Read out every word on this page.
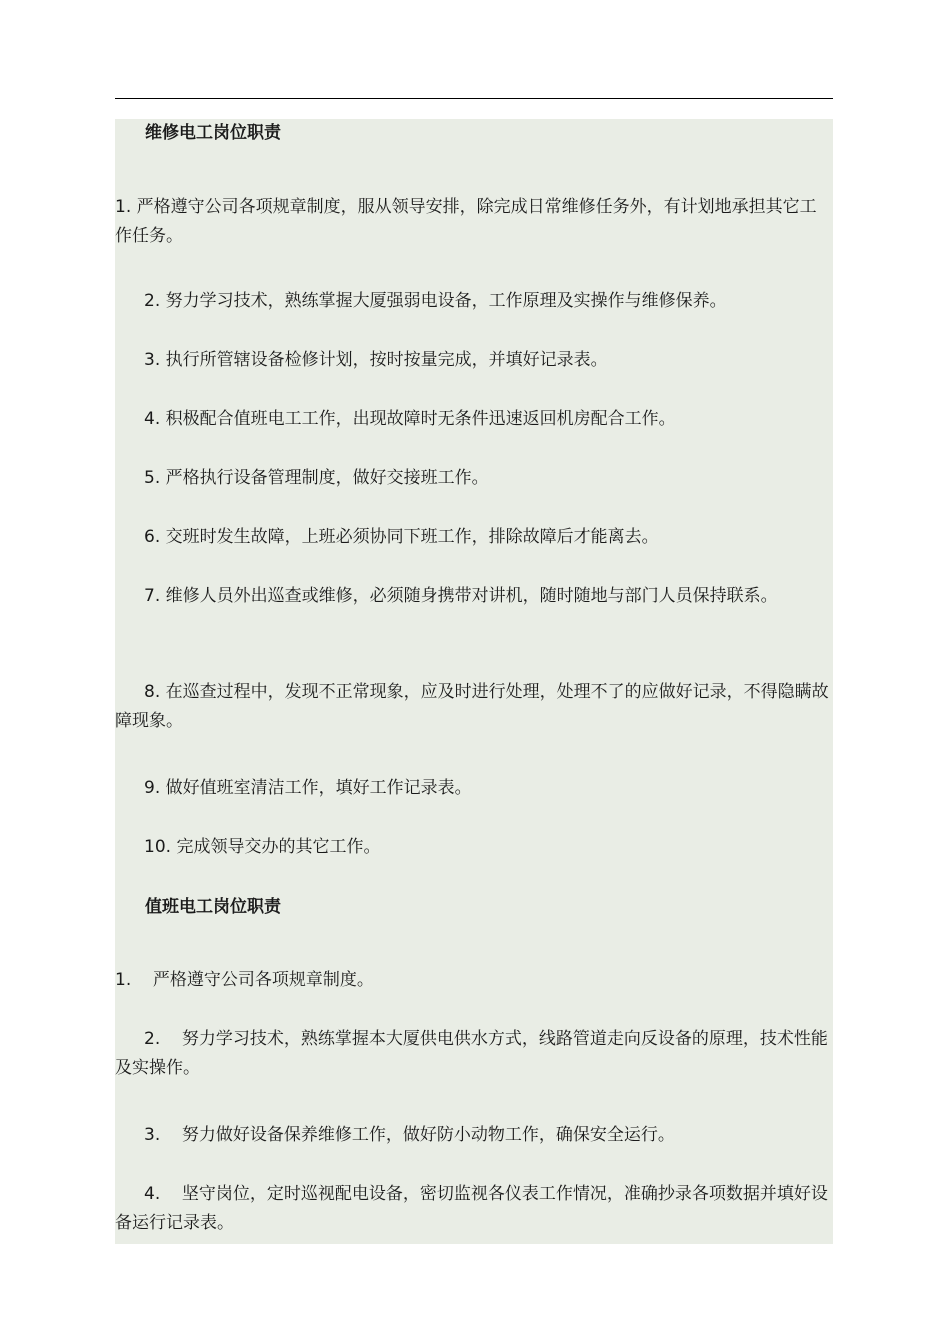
维修电工岗位职责

1. 严格遵守公司各项规章制度，服从领导安排，除完成日常维修任务外，有计划地承担其它工作任务。

2. 努力学习技术，熟练掌握大厦强弱电设备，工作原理及实操作与维修保养。

3. 执行所管辖设备检修计划，按时按量完成，并填好记录表。

4. 积极配合值班电工工作，出现故障时无条件迅速返回机房配合工作。

5. 严格执行设备管理制度，做好交接班工作。

6. 交班时发生故障，上班必须协同下班工作，排除故障后才能离去。

7. 维修人员外出巡查或维修，必须随身携带对讲机，随时随地与部门人员保持联系。

8. 在巡查过程中，发现不正常现象，应及时进行处理，处理不了的应做好记录，不得隐瞒故障现象。

9. 做好值班室清洁工作，填好工作记录表。

10. 完成领导交办的其它工作。

值班电工岗位职责

1.    严格遵守公司各项规章制度。

2.    努力学习技术，熟练掌握本大厦供电供水方式，线路管道走向反设备的原理，技术性能及实操作。

3.    努力做好设备保养维修工作，做好防小动物工作，确保安全运行。

4.    坚守岗位，定时巡视配电设备，密切监视各仪表工作情况，准确抄录各项数据并填好设备运行记录表。
